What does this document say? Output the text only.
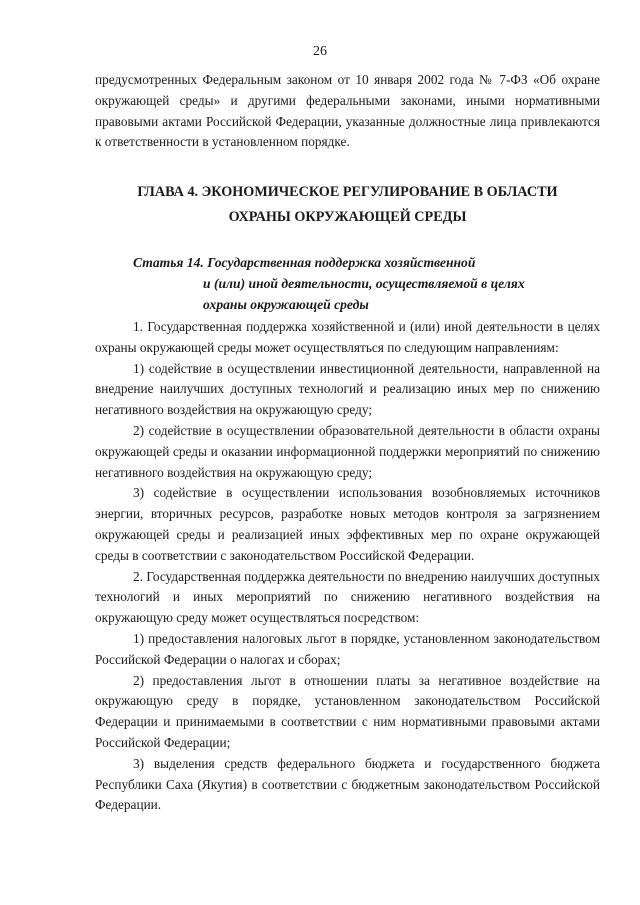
26

предусмотренных Федеральным законом от 10 января 2002 года № 7-ФЗ «Об охране окружающей среды» и другими федеральными законами, иными нормативными правовыми актами Российской Федерации, указанные должностные лица привлекаются к ответственности в установленном порядке.

ГЛАВА 4. ЭКОНОМИЧЕСКОЕ РЕГУЛИРОВАНИЕ В ОБЛАСТИ
ОХРАНЫ ОКРУЖАЮЩЕЙ СРЕДЫ
Статья 14. Государственная поддержка хозяйственной
и (или) иной деятельности, осуществляемой в целях
охраны окружающей среды

1. Государственная поддержка хозяйственной и (или) иной деятельности в целях охраны окружающей среды может осуществляться по следующим направлениям:

1) содействие в осуществлении инвестиционной деятельности, направленной на внедрение наилучших доступных технологий и реализацию иных мер по снижению негативного воздействия на окружающую среду;

2) содействие в осуществлении образовательной деятельности в области охраны окружающей среды и оказании информационной поддержки мероприятий по снижению негативного воздействия на окружающую среду;

3) содействие в осуществлении использования возобновляемых источников энергии, вторичных ресурсов, разработке новых методов контроля за загрязнением окружающей среды и реализацией иных эффективных мер по охране окружающей среды в соответствии с законодательством Российской Федерации.

2. Государственная поддержка деятельности по внедрению наилучших доступных технологий и иных мероприятий по снижению негативного воздействия на окружающую среду может осуществляться посредством:

1) предоставления налоговых льгот в порядке, установленном законодательством Российской Федерации о налогах и сборах;

2) предоставления льгот в отношении платы за негативное воздействие на окружающую среду в порядке, установленном законодательством Российской Федерации и принимаемыми в соответствии с ним нормативными правовыми актами Российской Федерации;

3) выделения средств федерального бюджета и государственного бюджета Республики Саха (Якутия) в соответствии с бюджетным законодательством Российской Федерации.
